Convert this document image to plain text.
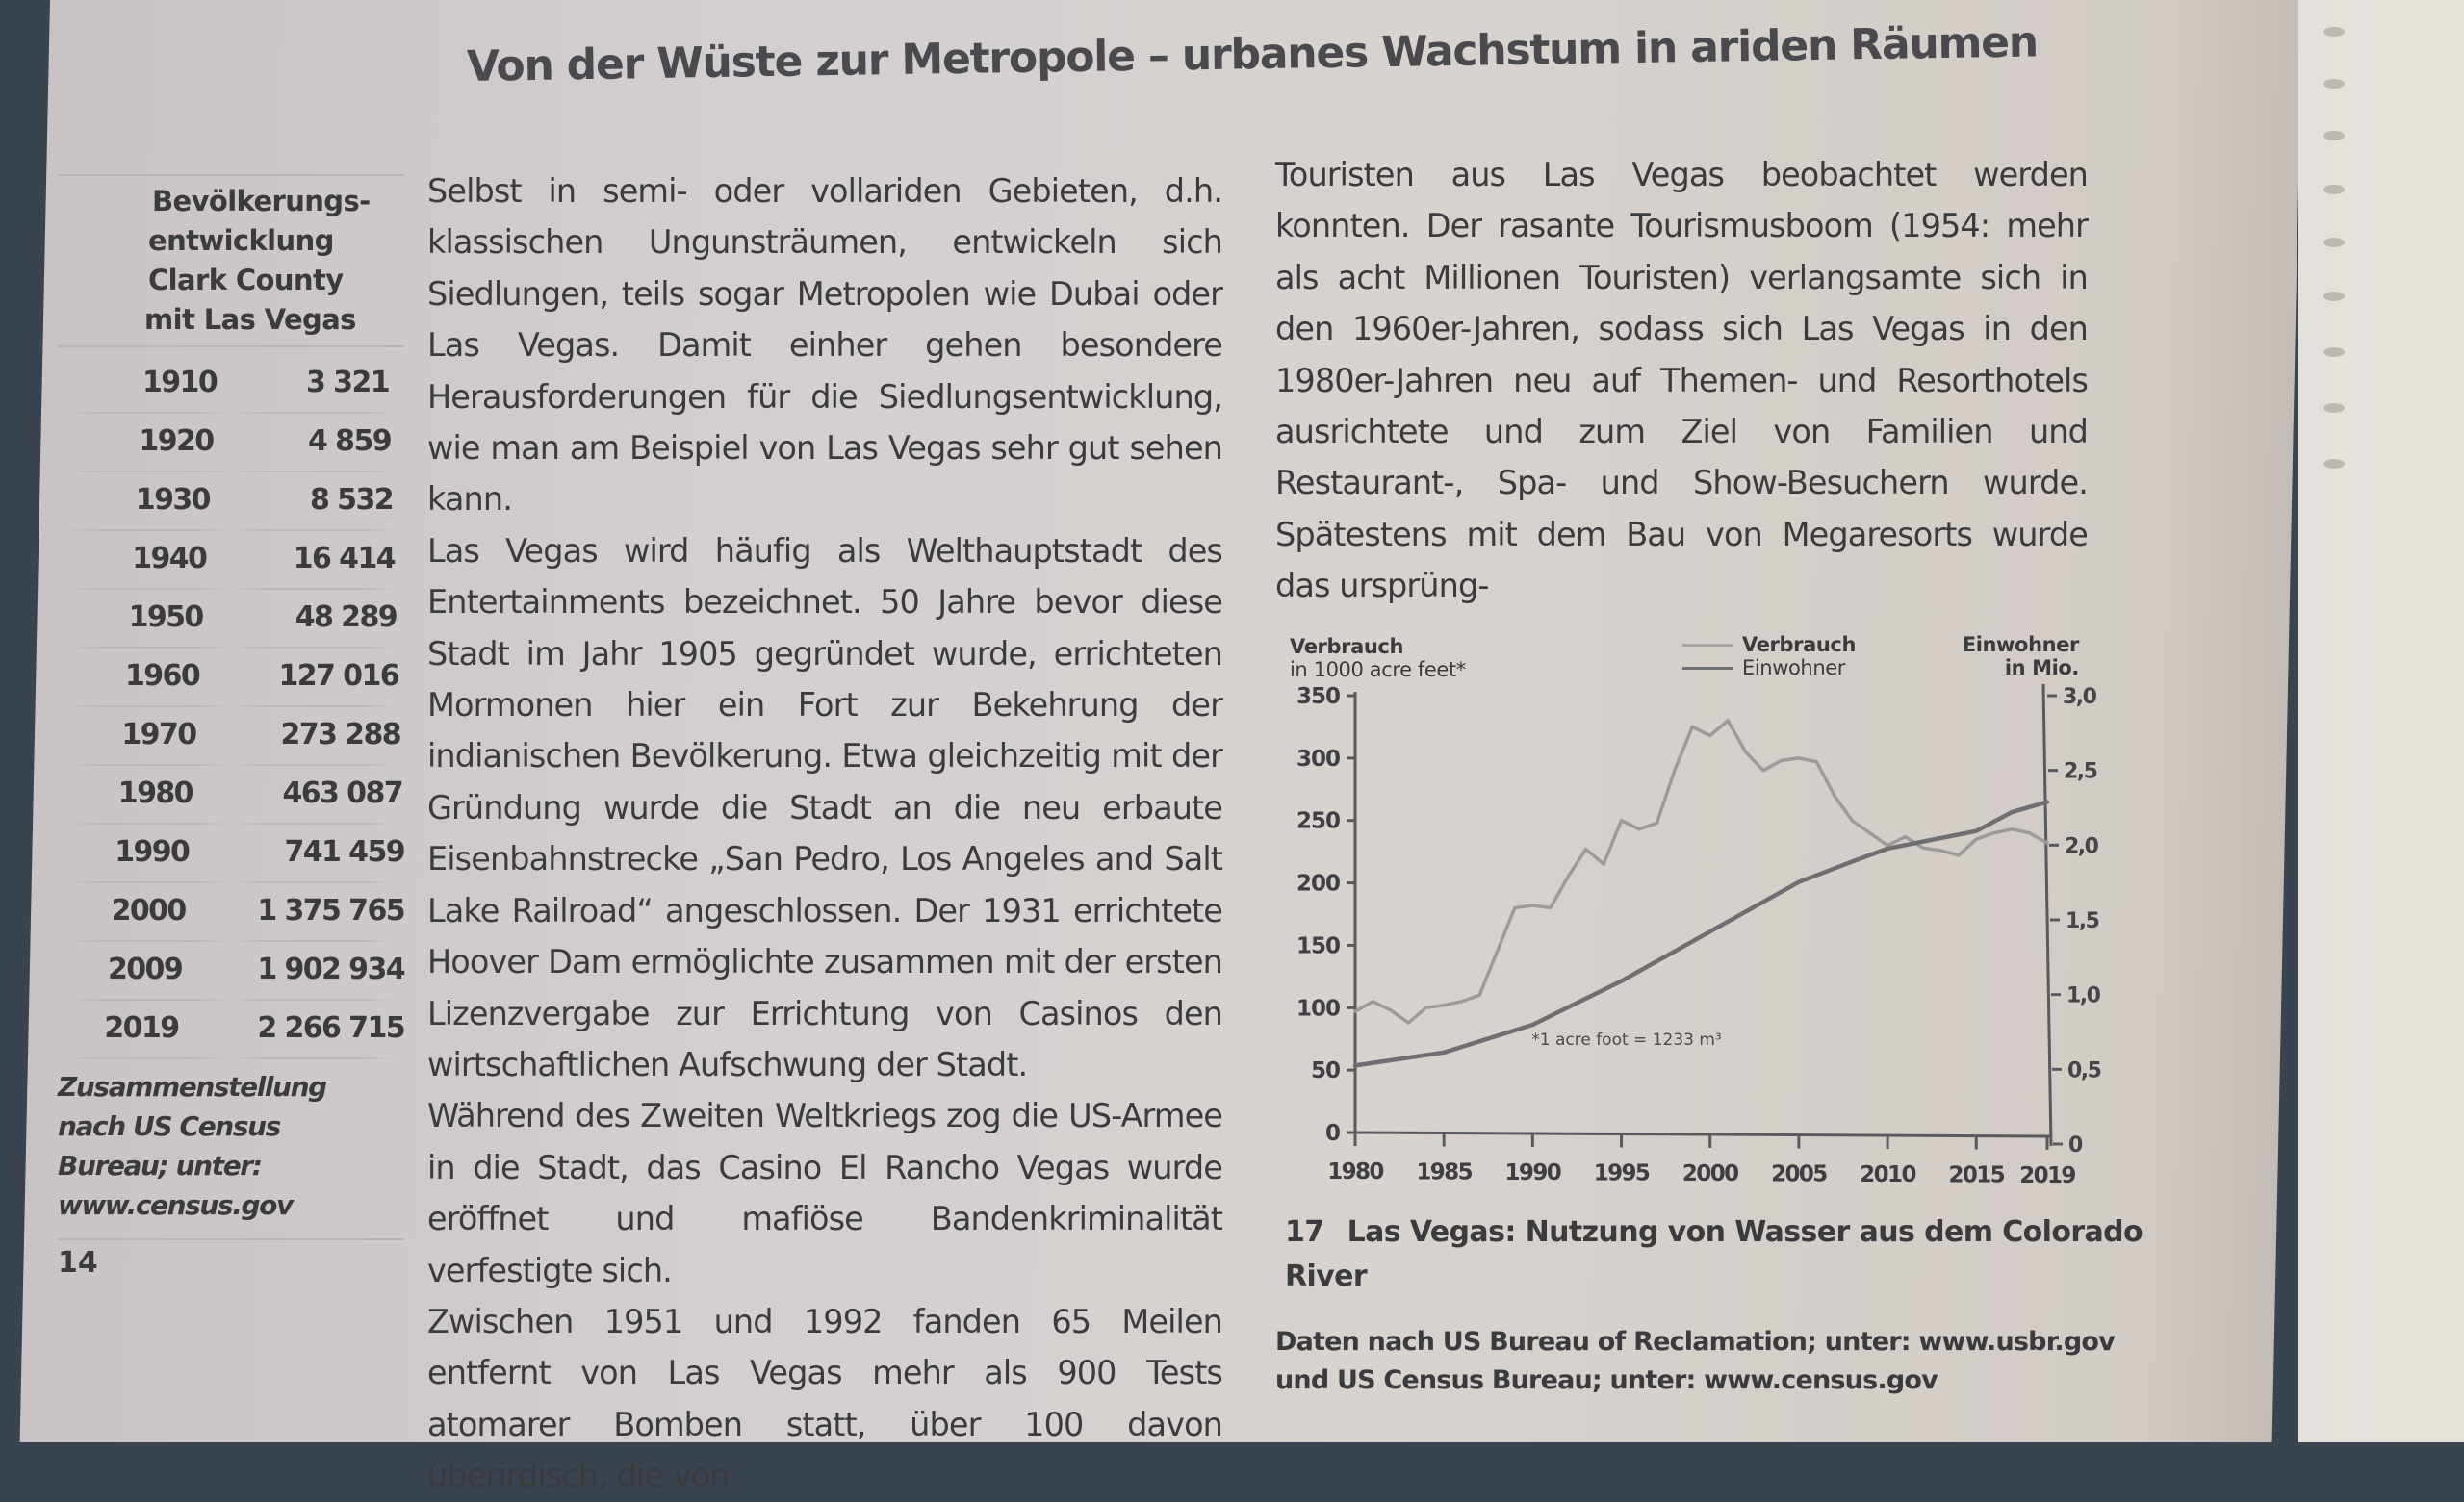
Von der Wüste zur Metropole – urbanes Wachstum in ariden Räumen
Bevölkerungs-
entwicklung
Clark County
mit Las Vegas
1910	3 321
1920	4 859
1930	8 532
1940	16 414
1950	48 289
1960	127 016
1970	273 288
1980	463 087
1990	741 459
2000 1 375 765
2009	1 902 934
2019	2 266 715
Zusammenstellung
nach US Census
Bureau; unter:
www.census.gov
14

Selbst in semi- oder vollariden Gebieten, d.h. klassischen Ungunsträumen, entwickeln sich Siedlungen, teils sogar Metropolen wie Dubai oder Las Vegas. Damit einher gehen besondere Herausforderungen für die Siedlungsentwicklung, wie man am Beispiel von Las Vegas sehr gut sehen kann.

Las Vegas wird häufig als Welthauptstadt des Entertainments bezeichnet. 50 Jahre bevor diese Stadt im Jahr 1905 gegründet wurde, errichteten Mormonen hier ein Fort zur Bekehrung der indianischen Bevölkerung. Etwa gleichzeitig mit der Gründung wurde die Stadt an die neu erbaute Eisenbahnstrecke „San Pedro, Los Angeles and Salt Lake Railroad“ angeschlossen. Der 1931 errichtete Hoover Dam ermöglichte zusammen mit der ersten Lizenzvergabe zur Errichtung von Casinos den wirtschaftlichen Aufschwung der Stadt.

Während des Zweiten Weltkriegs zog die US-Armee in die Stadt, das Casino El Rancho Vegas wurde eröffnet und mafiöse Bandenkriminalität verfestigte sich.

Zwischen 1951 und 1992 fanden 65 Meilen entfernt von Las Vegas mehr als 900 Tests atomarer Bomben statt, über 100 davon überirdisch, die von

Touristen aus Las Vegas beobachtet werden konnten. Der rasante Tourismusboom (1954: mehr als acht Millionen Touristen) verlangsamte sich in den 1960er-Jahren, sodass sich Las Vegas in den 1980er-Jahren neu auf Themen- und Resorthotels ausrichtete und zum Ziel von Familien und Restaurant-, Spa- und Show-Besuchern wurde. Spätestens mit dem Bau von Megaresorts wurde das ursprüng-

Verbrauch
in 1000 acre feet*
Verbrauch
Einwohner
Einwohner
in Mio.
0
50
100
150
200
250
300
350
0
0,5
1,0
1,5
2,0
2,5
3,0
1980 1985 1990 1995 2000 2005 2010 2015 2019
*1 acre foot = 1233 m³
17 Las Vegas: Nutzung von Wasser aus dem Colorado River
Daten nach US Bureau of Reclamation; unter: www.usbr.gov und US Census Bureau; unter: www.census.gov
